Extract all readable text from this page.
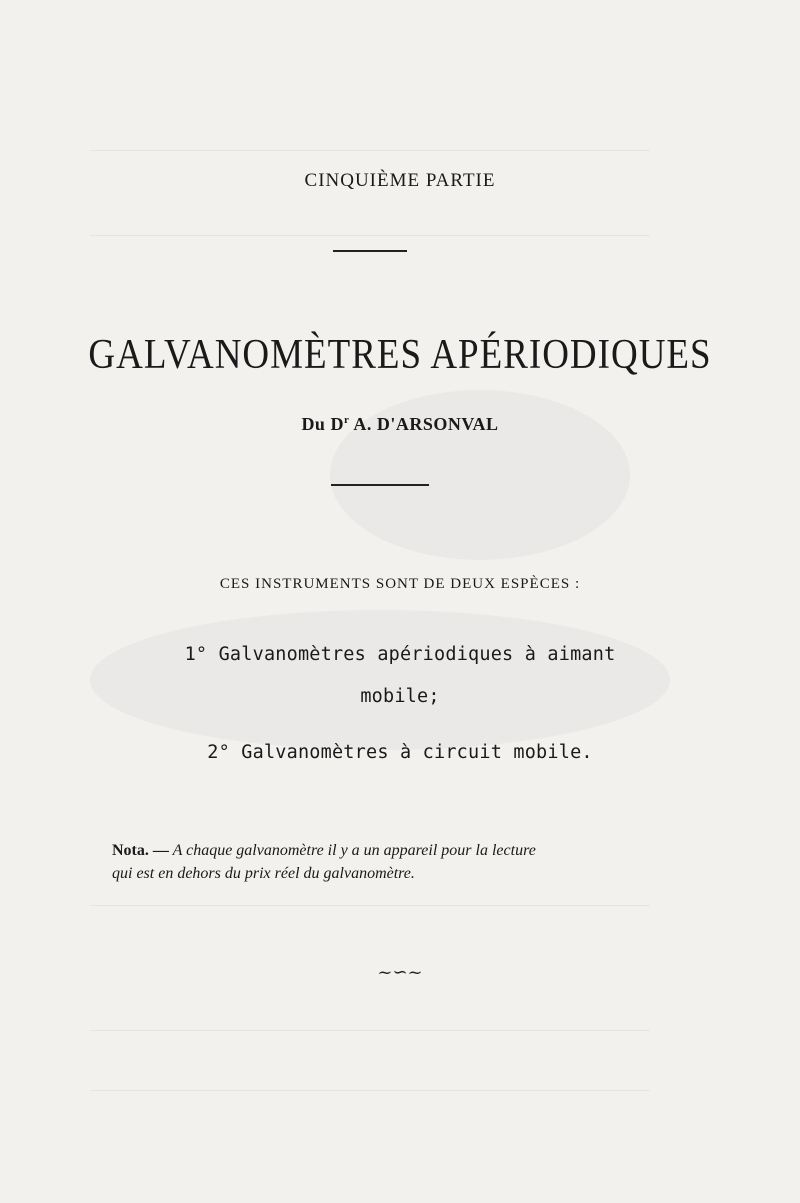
CINQUIÈME PARTIE
GALVANOMÈTRES APÉRIODIQUES
Du $D^r$ A. D'ARSONVAL
CES INSTRUMENTS SONT DE DEUX ESPÈCES :
1° Galvanomètres apériodiques à aimant
mobile;
2° Galvanomètres à circuit mobile.
Nota. — A chaque galvanomètre il y a un appareil pour la lecture
qui est en dehors du prix réel du galvanomètre.
~∽~
